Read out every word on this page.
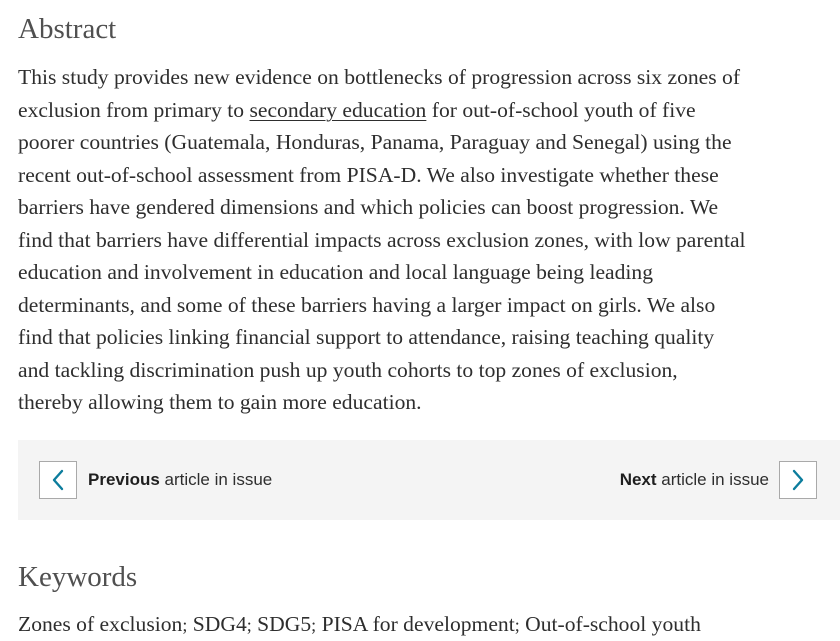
Abstract

This study provides new evidence on bottlenecks of progression across six zones of
exclusion from primary to secondary education for out-of-school youth of five
poorer countries (Guatemala, Honduras, Panama, Paraguay and Senegal) using the
recent out-of-school assessment from PISA-D. We also investigate whether these
barriers have gendered dimensions and which policies can boost progression. We
find that barriers have differential impacts across exclusion zones, with low parental
education and involvement in education and local language being leading
determinants, and some of these barriers having a larger impact on girls. We also
find that policies linking financial support to attendance, raising teaching quality
and tackling discrimination push up youth cohorts to top zones of exclusion,
thereby allowing them to gain more education.

Previous article in issue	Next article in issue
Keywords

Zones of exclusion; SDG4; SDG5; PISA for development; Out-of-school youth
